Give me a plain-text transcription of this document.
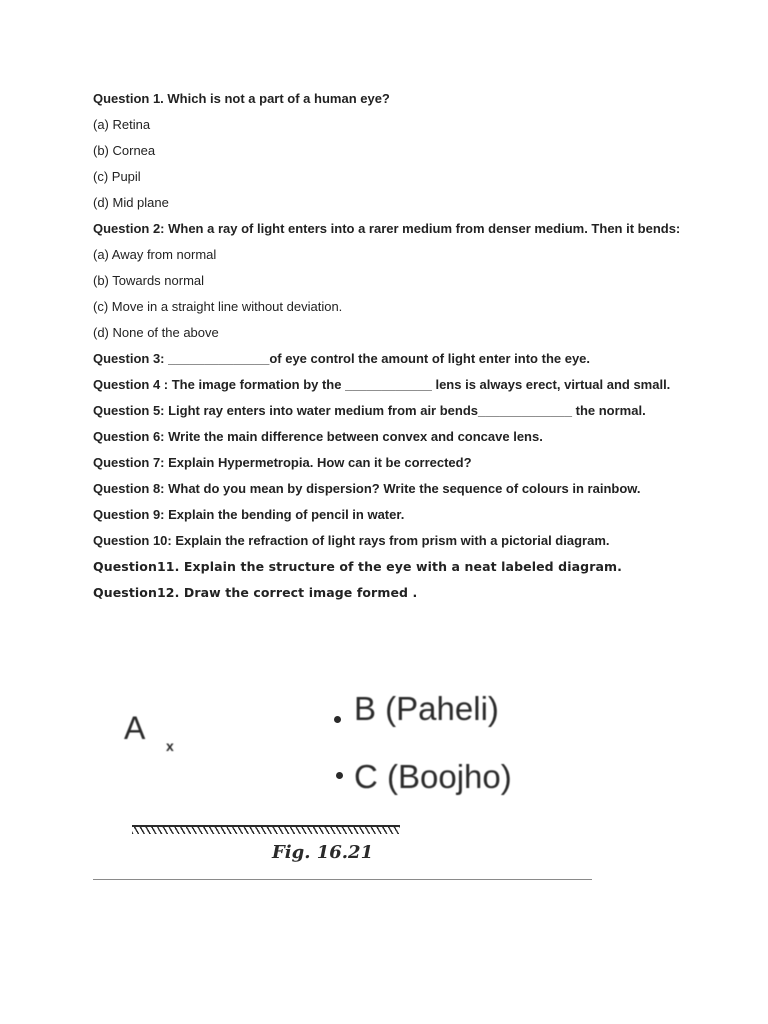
Question 1. Which is not a part of a human eye?
(a) Retina
(b) Cornea
(c) Pupil
(d) Mid plane
Question 2: When a ray of light enters into a rarer medium from denser medium. Then it bends:
(a) Away from normal
(b) Towards normal
(c) Move in a straight line without deviation.
(d) None of the above
Question 3: ______________of eye control the amount of light enter into the eye.
Question 4 : The image formation by the ____________ lens is always erect, virtual and small.
Question 5: Light ray enters into water medium from air bends_____________ the normal.
Question 6: Write the main difference between convex and concave lens.
Question 7: Explain Hypermetropia. How can it be corrected?
Question 8: What do you mean by dispersion? Write the sequence of colours in rainbow.
Question 9: Explain the bending of pencil in water.
Question 10: Explain the refraction of light rays from prism with a pictorial diagram.
Question11. Explain the structure of the eye with a neat labeled diagram.
Question12. Draw the correct image formed .
A x
B (Paheli)
C (Boojho)
Fig. 16.21
